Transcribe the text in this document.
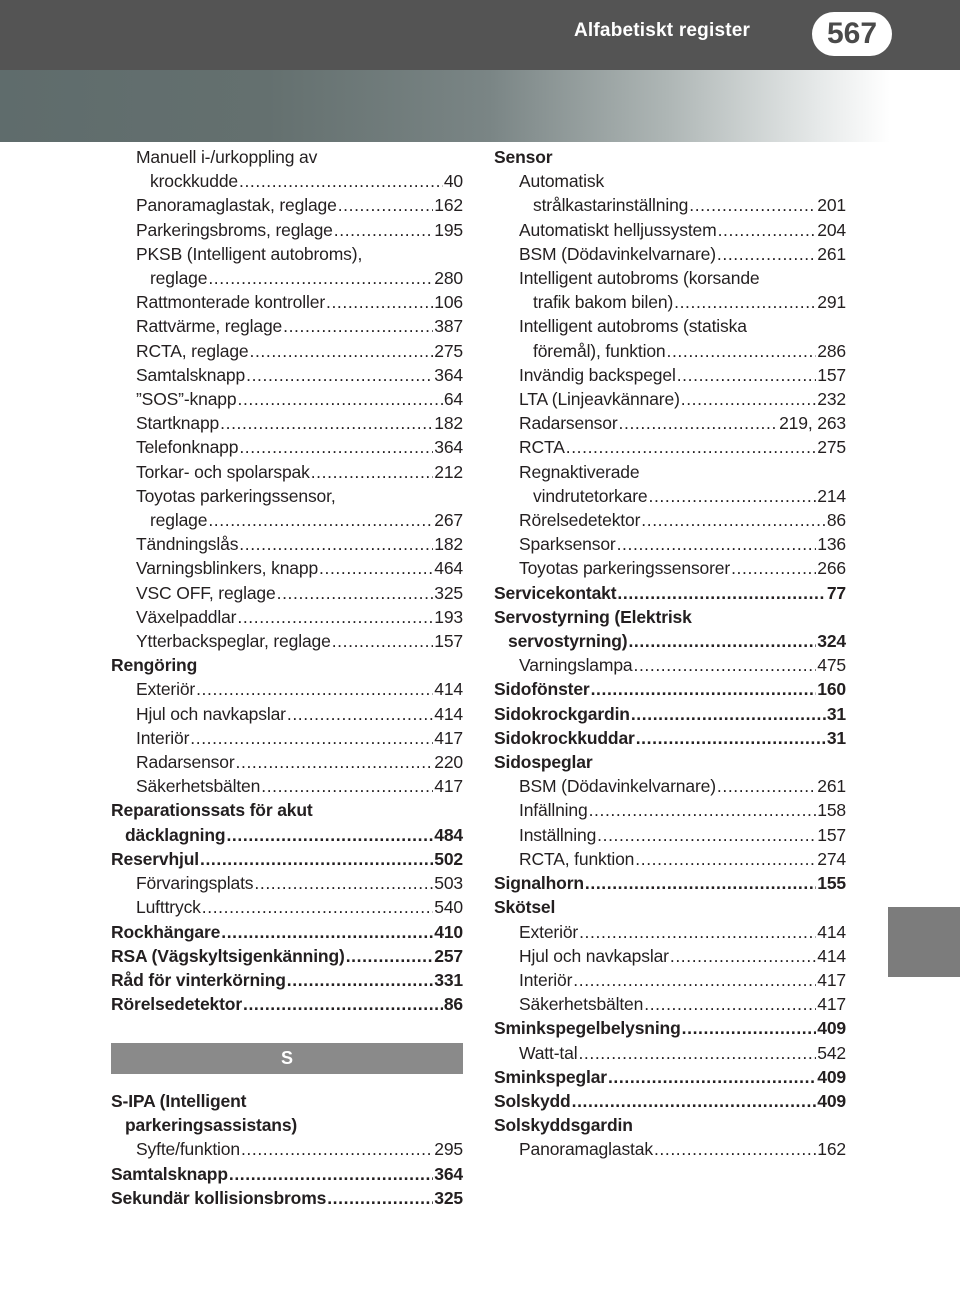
Alfabetiskt register	567
Manuell i-/urkoppling av
krockkudde .....	40
Panoramaglastak, reglage .....	162
Parkeringsbroms, reglage .....	195
PKSB (Intelligent autobroms),
reglage .....	280
Rattmonterade kontroller .....	106
Rattvärme, reglage .....	387
RCTA, reglage .....	275
Samtalsknapp .....	364
”SOS”-knapp .....	64
Startknapp .....	182
Telefonknapp .....	364
Torkar- och spolarspak .....	212
Toyotas parkeringssensor,
reglage .....	267
Tändningslås .....	182
Varningsblinkers, knapp .....	464
VSC OFF, reglage .....	325
Växelpaddlar .....	193
Ytterbackspeglar, reglage .....	157
Rengöring
Exteriör .....	414
Hjul och navkapslar .....	414
Interiör .....	417
Radarsensor .....	220
Säkerhetsbälten .....	417
Reparationssats för akut
däcklagning .....	484
Reservhjul .....	502
Förvaringsplats .....	503
Lufttryck .....	540
Rockhängare .....	410
RSA (Vägskyltsigenkänning) .....	257
Råd för vinterkörning .....	331
Rörelsedetektor .....	86
S
S-IPA (Intelligent
parkeringsassistans)
Syfte/funktion .....	295
Samtalsknapp .....	364
Sekundär kollisionsbroms .....	325
Sensor
Automatisk
strålkastarinställning .....	201
Automatiskt helljussystem .....	204
BSM (Dödavinkelvarnare) .....	261
Intelligent autobroms (korsande
trafik bakom bilen) .....	291
Intelligent autobroms (statiska
föremål), funktion .....	286
Invändig backspegel .....	157
LTA (Linjeavkännare) .....	232
Radarsensor .....	219, 263
RCTA .....	275
Regnaktiverade
vindrutetorkare .....	214
Rörelsedetektor .....	86
Sparksensor .....	136
Toyotas parkeringssensorer .....	266
Servicekontakt .....	77
Servostyrning (Elektrisk
servostyrning) .....	324
Varningslampa .....	475
Sidofönster .....	160
Sidokrockgardin .....	31
Sidokrockkuddar .....	31
Sidospeglar
BSM (Dödavinkelvarnare) .....	261
Infällning .....	158
Inställning .....	157
RCTA, funktion .....	274
Signalhorn .....	155
Skötsel
Exteriör .....	414
Hjul och navkapslar .....	414
Interiör .....	417
Säkerhetsbälten .....	417
Sminkspegelbelysning .....	409
Watt-tal .....	542
Sminkspeglar .....	409
Solskydd .....	409
Solskyddsgardin
Panoramaglastak .....	162
